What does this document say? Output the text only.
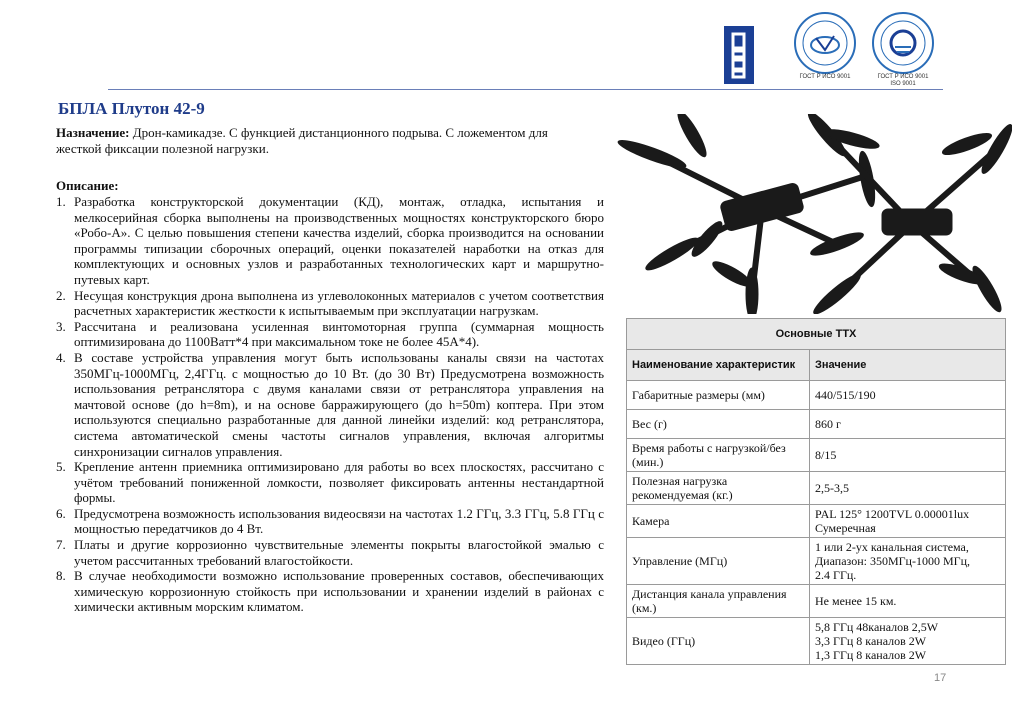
ГОСТ Р ИСО 9001	ГОСТ Р ИСО 9001
ISO 9001
БПЛА Плутон 42-9
Назначение: Дрон-камикадзе. С функцией дистанционного подрыва. С ложементом для жесткой фиксации полезной нагрузки.
Описание:
1. Разработка конструкторской документации (КД), монтаж, отладка, испытания и мелкосерийная сборка выполнены на производственных мощностях конструкторского бюро «Робо-А». С целью повышения степени качества изделий, сборка производится на основании программы типизации сборочных операций, оценки показателей наработки на отказ для комплектующих и основных узлов и разработанных технологических карт и маршрутно-путевых карт.
2. Несущая конструкция дрона выполнена из углеволоконных материалов с учетом соответствия расчетных характеристик жесткости к испытываемым при эксплуатации нагрузкам.
3. Рассчитана и реализована усиленная винтомоторная группа (суммарная мощность оптимизирована до 1100Ватт*4 при максимальном токе не более 45А*4).
4. В составе устройства управления могут быть использованы каналы связи на частотах 350МГц-1000МГц, 2,4ГГц. с мощностью до 10 Вт. (до 30 Вт) Предусмотрена возможность использования ретранслятора с двумя каналами связи от ретранслятора управления на мачтовой основе (до h=8m), и на основе барражирующего (до h=50m) коптера. При этом используются специально разработанные для данной линейки изделий: код ретранслятора, система автоматической смены частоты сигналов управления, включая алгоритмы синхронизации сигналов управления.
5. Крепление антенн приемника оптимизировано для работы во всех плоскостях, рассчитано с учётом требований пониженной ломкости, позволяет фиксировать антенны нестандартной формы.
6. Предусмотрена возможность использования видеосвязи на частотах 1.2 ГГц, 3.3 ГГц, 5.8 ГГц с мощностью передатчиков до 4 Вт.
7. Платы и другие коррозионно чувствительные элементы покрыты влагостойкой эмалью с учетом рассчитанных требований влагостойкости.
8. В случае необходимости возможно использование проверенных составов, обеспечивающих химическую коррозионную стойкость при использовании и хранении изделий в районах с химически активным морским климатом.
Основные ТТХ	
Наименование характеристик	Значение
Габаритные размеры (мм)	440/515/190
Вес (г)	860 г
Время работы с нагрузкой/без (мин.)	8/15
Полезная нагрузка рекомендуемая (кг.)	2,5-3,5
Камера	PAL 125° 1200TVL 0.00001lux
Сумеречная
Управление (МГц)	1 или 2-ух канальная система,
Диапазон: 350МГц-1000 МГц,
2.4 ГГц.
Дистанция канала управления (км.)	Не менее 15 км.
Видео (ГГц)	5,8 ГГц 48каналов 2,5W
3,3 ГГц 8 каналов 2W
1,3 ГГц 8 каналов 2W
17
